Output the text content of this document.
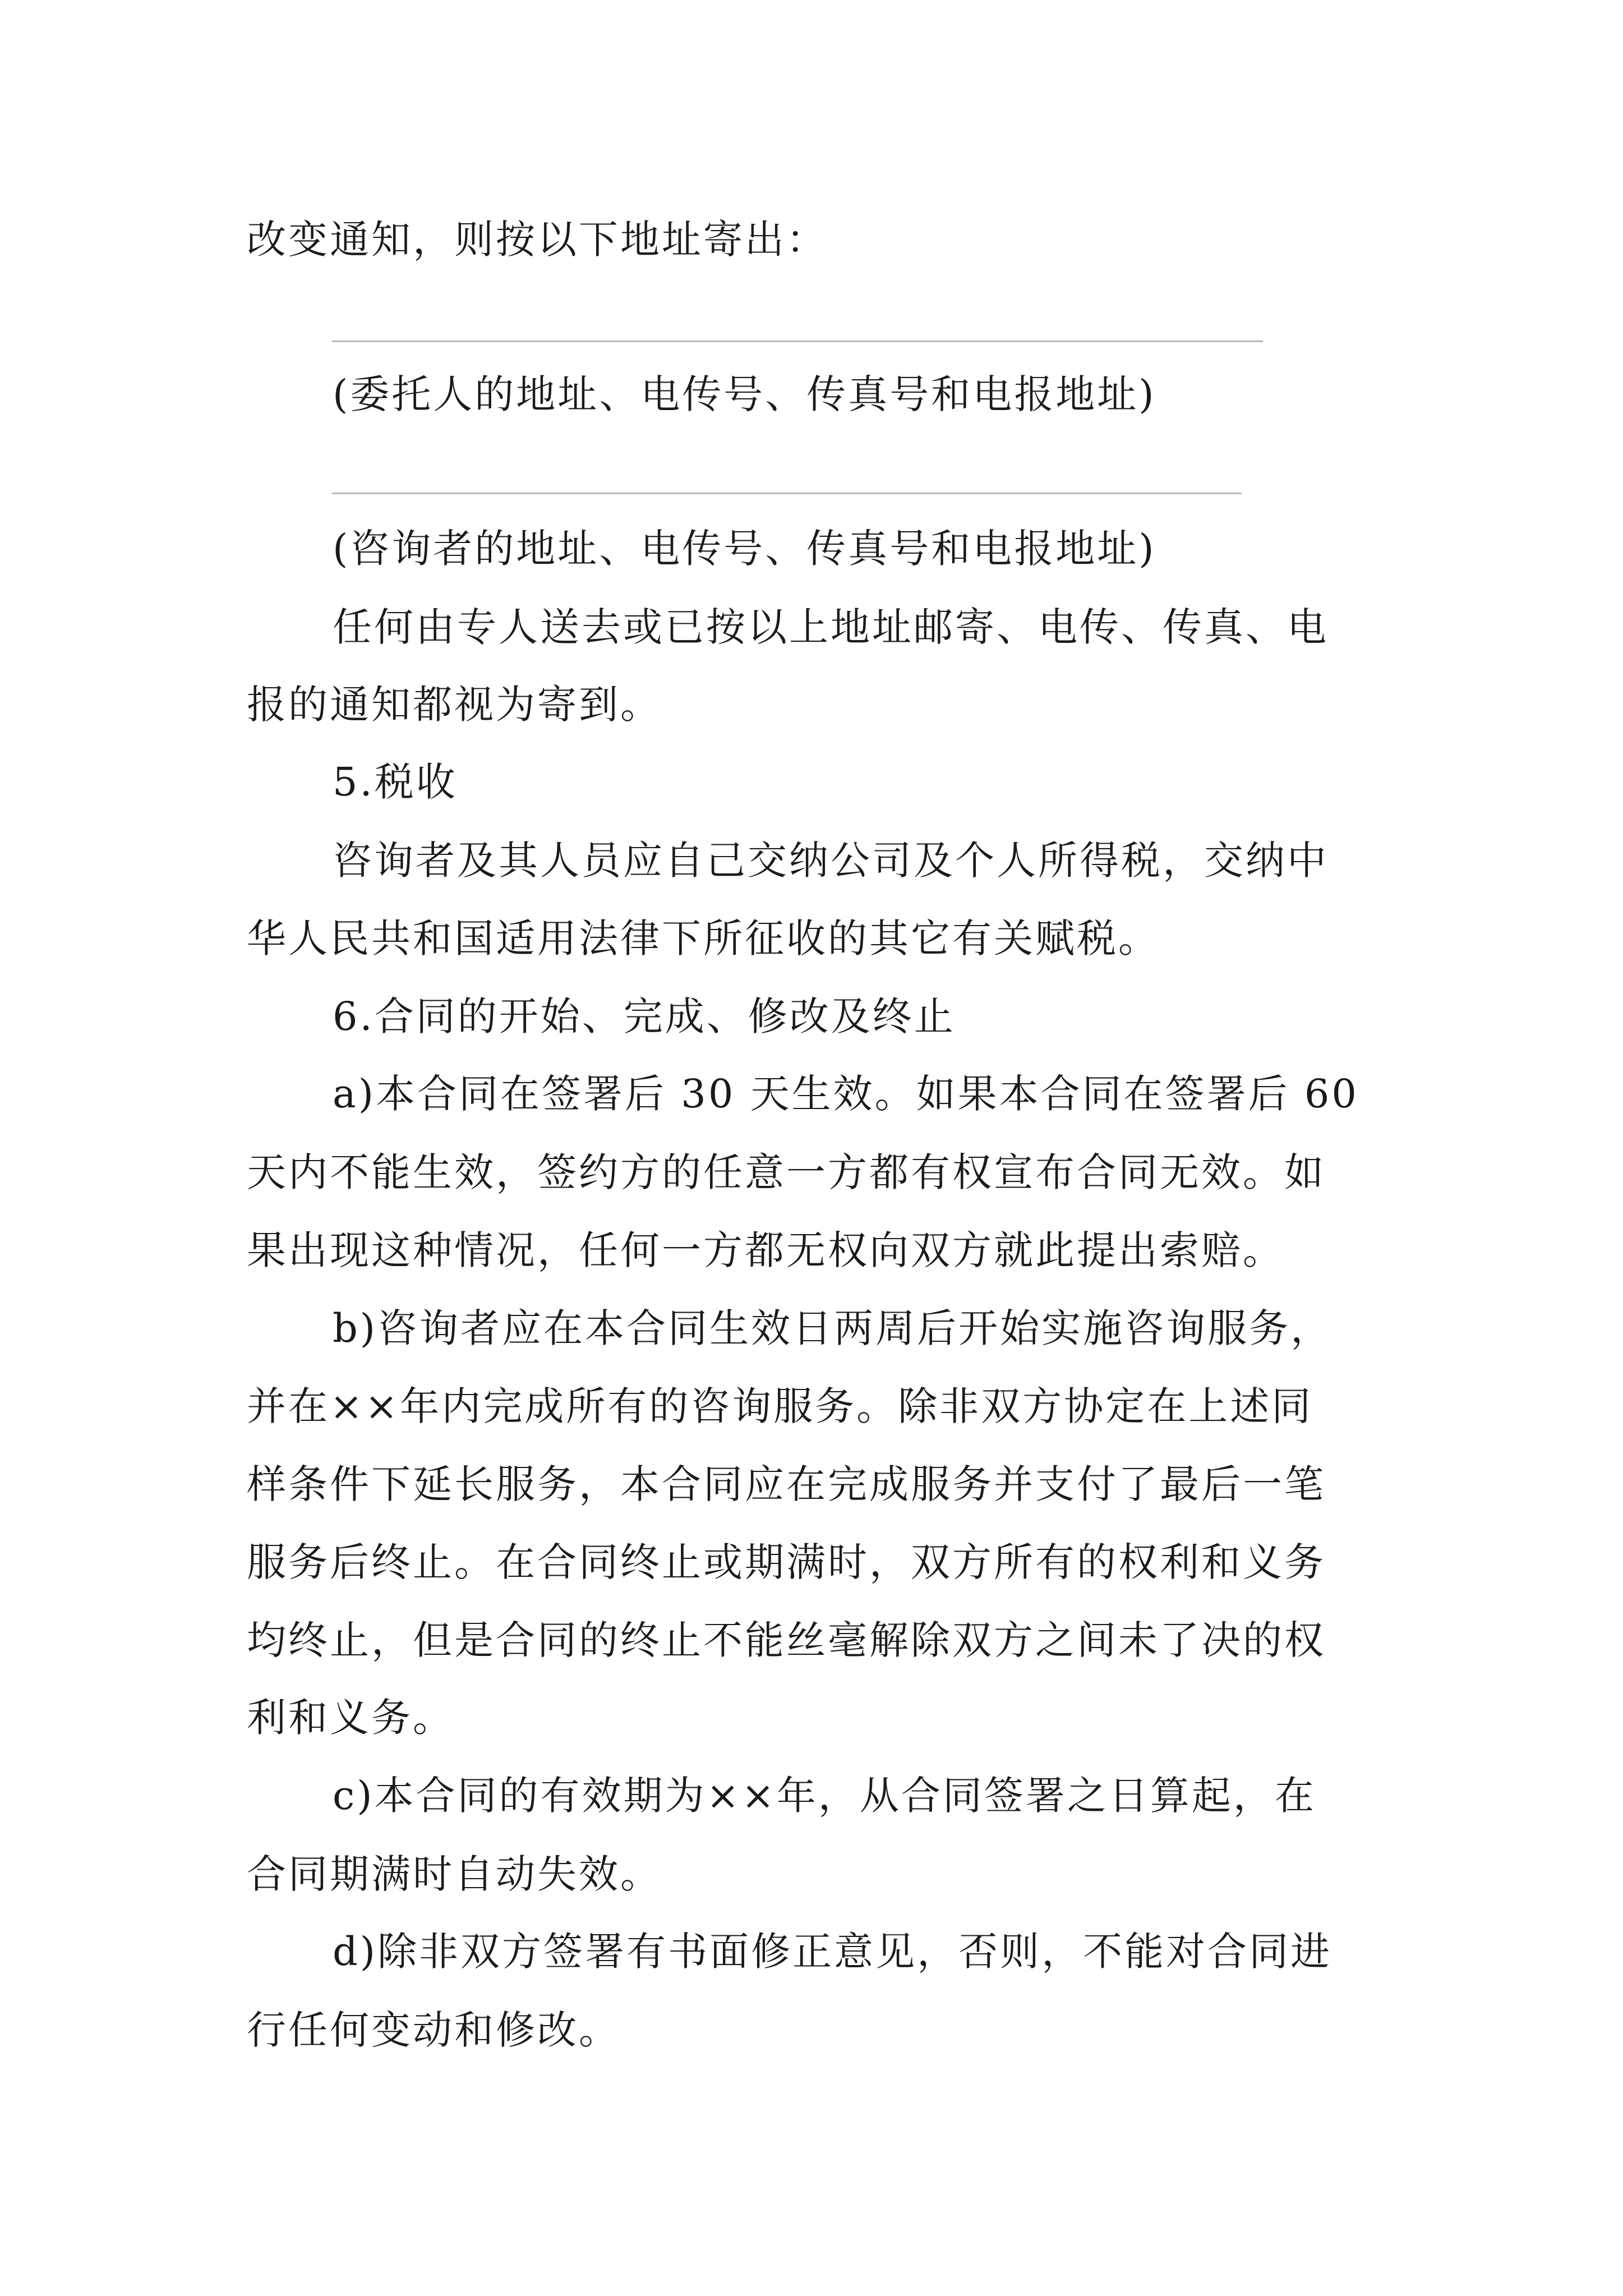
改变通知，则按以下地址寄出：
(委托人的地址、电传号、传真号和电报地址)
(咨询者的地址、电传号、传真号和电报地址)
任何由专人送去或已按以上地址邮寄、电传、传真、电
报的通知都视为寄到。
5.税收
咨询者及其人员应自己交纳公司及个人所得税，交纳中
华人民共和国适用法律下所征收的其它有关赋税。
6.合同的开始、完成、修改及终止
a)本合同在签署后 30 天生效。如果本合同在签署后 60
天内不能生效，签约方的任意一方都有权宣布合同无效。如
果出现这种情况，任何一方都无权向双方就此提出索赔。
b)咨询者应在本合同生效日两周后开始实施咨询服务，
并在××年内完成所有的咨询服务。除非双方协定在上述同
样条件下延长服务，本合同应在完成服务并支付了最后一笔
服务后终止。在合同终止或期满时，双方所有的权利和义务
均终止，但是合同的终止不能丝毫解除双方之间未了决的权
利和义务。
c)本合同的有效期为××年，从合同签署之日算起，在
合同期满时自动失效。
d)除非双方签署有书面修正意见，否则，不能对合同进
行任何变动和修改。
